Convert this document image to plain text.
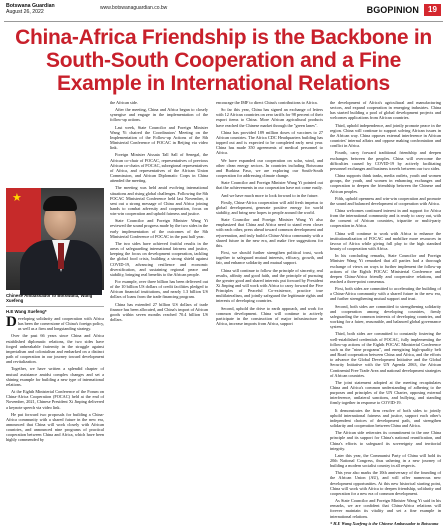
Botswana Guardian
August 26, 2022
www.botswanaguardian.co.bw	BGOPINION	19
China-Africa Friendship is the Backbone in South-South Cooperation and a Fine Example in International Relations
★
Chinese Ambassador to Botswana, Wang Xuefeng
H.E Wang Xuefeng*

Developing solidarity and cooperation with Africa has been the cornerstone of China's foreign policy, as well as a firm and longstanding strategy.

Over the past 66 years since China and Africa established diplomatic relations, the two sides have forged unbreakable fraternity in the struggle against imperialism and colonialism and embarked on a distinct path of cooperation in our journey toward development and revitalization.

Together, we have written a splendid chapter of mutual assistance amidst complex changes and set a shining example for building a new type of international relations.

At the Eighth Ministerial Conference of the Forum on China-Africa Cooperation (FOCAC) held at the end of November, 2021, Chinese President Xi Jinping delivered a keynote speech via video link.

He put forward two proposals for building a China-Africa community with a shared future in the new era, announced that China will work closely with African countries, and announced nine programs of practical cooperation between China and Africa, which have been highly commended by

the African side.

After the meeting, China and Africa began to closely synergise and engage in the implementation of the follow-up actions.

Last week, State Councilor and Foreign Minister Wang Yi chaired the Coordinators' Meeting on the Implementation of the Follow-up Actions of the 8th Ministerial Conference of FOCAC in Beijing via video link.

Foreign Minister Aissata Tall Sall of Senegal, the African co-chair of FOCAC, representatives of previous African co-chairs of FOCAC, subregional representatives of Africa, and representatives of the African Union Commission, and African Diplomatic Corps in China attended the meeting.

The meeting was held amid evolving international situations and rising global challenges. Following the 8th FOCAC Ministerial Conference held last November, it sent out a strong message of China and Africa joining hands to combat adversity and cooperation, focus on win-win cooperation and uphold fairness and justice.

State Councilor and Foreign Minister Wang Yi reviewed the sound progress made by the two sides in the early implementation of the outcomes of the 8th Ministerial Conference of FOCAC in the past half year.

The two sides have achieved fruitful results in the areas of safeguarding international fairness and justice, keeping the focus on development cooperation, tackling the global food crisis, building a strong shield against COVID-19, advancing resilience and economic diversification, and sustaining regional peace and stability, bringing real benefits to the African people.

For example, over three billion has been delivered out of the 10 billion US dollars of credit facilities pledged to African financial institutions, and nearly 1.3 billion US dollars of loans from the trade financing program.

China has extended 27 billion US dollars of trade finance has been allocated, and China's import of African goods within seven months reached 70.4 billion US dollars.

encourage the IMF to direct China's contributions to Africa.

So far this year, China has signed an exchange of letters with 12 African countries on zero tariffs for 98 percent of their export items to China. More African agricultural products have reached the Chinese market through the "green lanes".

China has provided 189 million doses of vaccines to 27 African countries. The Africa CDC Headquarters building has topped out and is expected to be completed early next year. China has made 350 agreements of medical personnel to Africa.

We have expanded our cooperation on solar, wind, and other clean energy sectors. In countries including Botswana and Burkina Faso, we are exploring our South-South cooperation for addressing climate change.

State Councilor and Foreign Minister Wang Yi pointed out that the achievements in our cooperation have not come easily.

And we have much more to look forward to in the future.

Firstly, China-Africa cooperation will add fresh impetus to global development, generate positive energy for world stability, and bring new hopes to people around the world.

State Councilor and Foreign Minister Wang Yi also emphasized that China and Africa need to stand even closer with each other, press ahead toward common development and rejuvenation, and truly build a China-Africa community with a shared future in the new era, and make five suggestions for this.

First, we should further strengthen political trust, work together to safeguard mutual interests, efficacy, growth, and fair, and enhance solidarity and mutual support.

China will continue to follow the principle of sincerity, real results, affinity and good faith, and the principle of pursuing the greater good and shared interests put forward by President Xi Jinping and will work with Africa to carry forward the Five Principles of Peaceful Co-existence, practice true multilateralism, and jointly safeguard the legitimate rights and interests of developing countries.

Second, uphold the drive to earth approach, and work for common development. China will continue to actively participate in the construction of major infrastructure in Africa, increase imports from Africa, support

the development of Africa's agricultural and manufacturing sectors, and expand cooperation in emerging industries. China has started building a pool of global development projects and welcomes applications from African countries.

Third, uphold independence, and jointly promote peace in the region. China will continue to support solving African issues in the African way. China opposes external interference in African countries' internal affairs and oppose making confrontation and conflict in Africa.

Fourth, carry forward traditional friendship and deepen exchanges between the peoples. China will overcome the difficulties caused by COVID-19 by actively facilitating personnel exchanges and business travels between our two sides.

China supports think tanks, media outlets, youth and women groups, the youth, and women in enhancing exchanges and cooperation to deepen the friendship between the Chinese and African peoples.

Fifth, uphold openness and win-win cooperation and promote the sound and balanced development of cooperation with Africa.

China welcomes continued interest in and support for Africa from the international community and is ready to carry out, with the consent of African countries, tripartite or multi-party cooperation in Africa.

China will continue to work with Africa to enhance the institutionalization of FOCAC and mobilize more resources in favour of Africa while giving full play to the high standard beauty of cooperation with Africa.

In his concluding remarks, State Councilor and Foreign Minister Wang Yi remarked that all parties had a thorough exchange of views on ways to further implement the follow-up actions of the Eighth FOCAC Ministerial Conference and deepen China-Africa friendly and cooperative relations, and reached a three-point consensus.

First, both sides are committed to accelerating the building of a China-Africa community with a shared future in the new era, and further strengthening mutual support and trust.

Second, both sides are committed to strengthening solidarity and cooperation among developing countries, firmly safeguarding the common interests of developing countries, and working for a fairer, reasonable, and balanced global governance system.

Third, both sides are committed to constantly fostering the well-established credentials of FOCAC, fully implementing the follow-up actions of the Eighth FOCAC Ministerial Conference such as the "nine programs", and energizing high-quality belt and Road cooperation between China and Africa, and the efforts to advance the Global Development Initiative and the Global Security Initiative with the UN Agenda 2063, the African Continental Free Trade Area and national development strategies of African countries.

The joint statement adopted at the meeting recapitulates China and Africa's common understanding of adhering to the purposes and principles of the UN Charter, opposing external interference, unilateral sanctions, and bullying, and standing firmly together in response to COVID-19.

It demonstrates the firm resolve of both sides to jointly uphold international fairness and justice, support each other's independent choices of development path, and strengthen solidarity and cooperation between China and Africa.

The African side reiterates its commitment to the one China principle and its support for China's national reunification, and China's efforts to safeguard its sovereignty and territorial integrity.

Later this year, the Communist Party of China will hold its 20th National Congress, thus ushering in a new journey of building a modern socialist country in all respects.

This year also marks the 10th anniversary of the founding of the African Union (AU), and will offer numerous new development opportunities. At this new historical starting point, China will work with Africa to deepen friendship, solidarity and cooperation for a new era of common development.

As State Councilor and Foreign Minister Wang Yi said in his remarks, we are confident that China-Africa relations will forever maintain its vitality and set a fine example in international relations.

* H.E Wang Xuefeng is the Chinese Ambassador to Botswana
